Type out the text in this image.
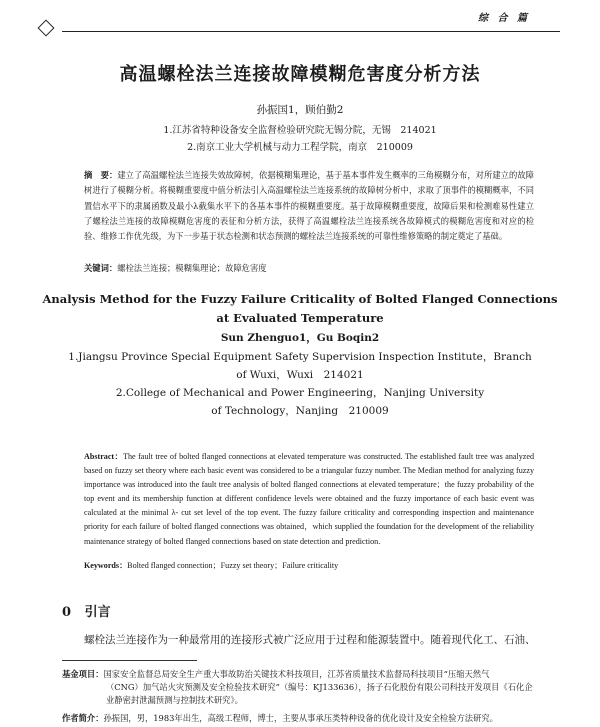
综 合 篇
高温螺栓法兰连接故障模糊危害度分析方法
孙振国1，顾伯勤2
1.江苏省特种设备安全监督检验研究院无锡分院，无锡　214021
2.南京工业大学机械与动力工程学院，南京　210009
摘　要：建立了高温螺栓法兰连接失效故障树，依据模糊集理论，基于基本事件发生概率的三角模糊分布，对所建立的故障树进行了模糊分析。将模糊重要度中值分析法引入高温螺栓法兰连接系统的故障树分析中，求取了顶事件的模糊概率，不同置信水平下的隶属函数及最小λ截集水平下的各基本事件的模糊重要度。基于故障模糊重要度，故障后果和检测难易性建立了螺栓法兰连接的故障模糊危害度的表征和分析方法，获得了高温螺栓法兰连接系统各故障模式的模糊危害度和对应的检验、维修工作优先级，为下一步基于状态检测和状态预测的螺栓法兰连接系统的可靠性维修策略的制定奠定了基础。
关键词：螺栓法兰连接；模糊集理论；故障危害度
Analysis Method for the Fuzzy Failure Criticality of Bolted Flanged Connections
at Evaluated Temperature
Sun Zhenguo1，Gu Boqin2
1.Jiangsu Province Special Equipment Safety Supervision Inspection Institute，Branch
of Wuxi，Wuxi　214021
2.College of Mechanical and Power Engineering，Nanjing University
of Technology，Nanjing　210009
Abstract：The fault tree of bolted flanged connections at elevated temperature was constructed. The established fault tree was analyzed based on fuzzy set theory where each basic event was considered to be a triangular fuzzy number. The Median method for analyzing fuzzy importance was introduced into the fault tree analysis of bolted flanged connections at elevated temperature；the fuzzy probability of the top event and its membership function at different confidence levels were obtained and the fuzzy importance of each basic event was calculated at the minimal λ- cut set level of the top event. The fuzzy failure criticality and corresponding inspection and maintenance priority for each failure of bolted flanged connections was obtained，which supplied the foundation for the development of the reliability maintenance strategy of bolted flanged connections based on state detection and prediction.
Keywords：Bolted flanged connection；Fuzzy set theory；Failure criticality
0 引言
螺栓法兰连接作为一种最常用的连接形式被广泛应用于过程和能源装置中。随着现代化工、石油、
基金项目：国家安全监督总局安全生产重大事故防治关键技术科技项目，江苏省质量技术监督局科技项目“压缩天然气
（CNG）加气站火灾预测及安全检验技术研究”（编号：KJ133636），扬子石化股份有限公司科技开发项目《石化企
业静密封泄漏预测与控制技术研究》。
作者简介：孙振国，男，1983年出生，高级工程师，博士，主要从事承压类特种设备的优化设计及安全检验方法研究。
